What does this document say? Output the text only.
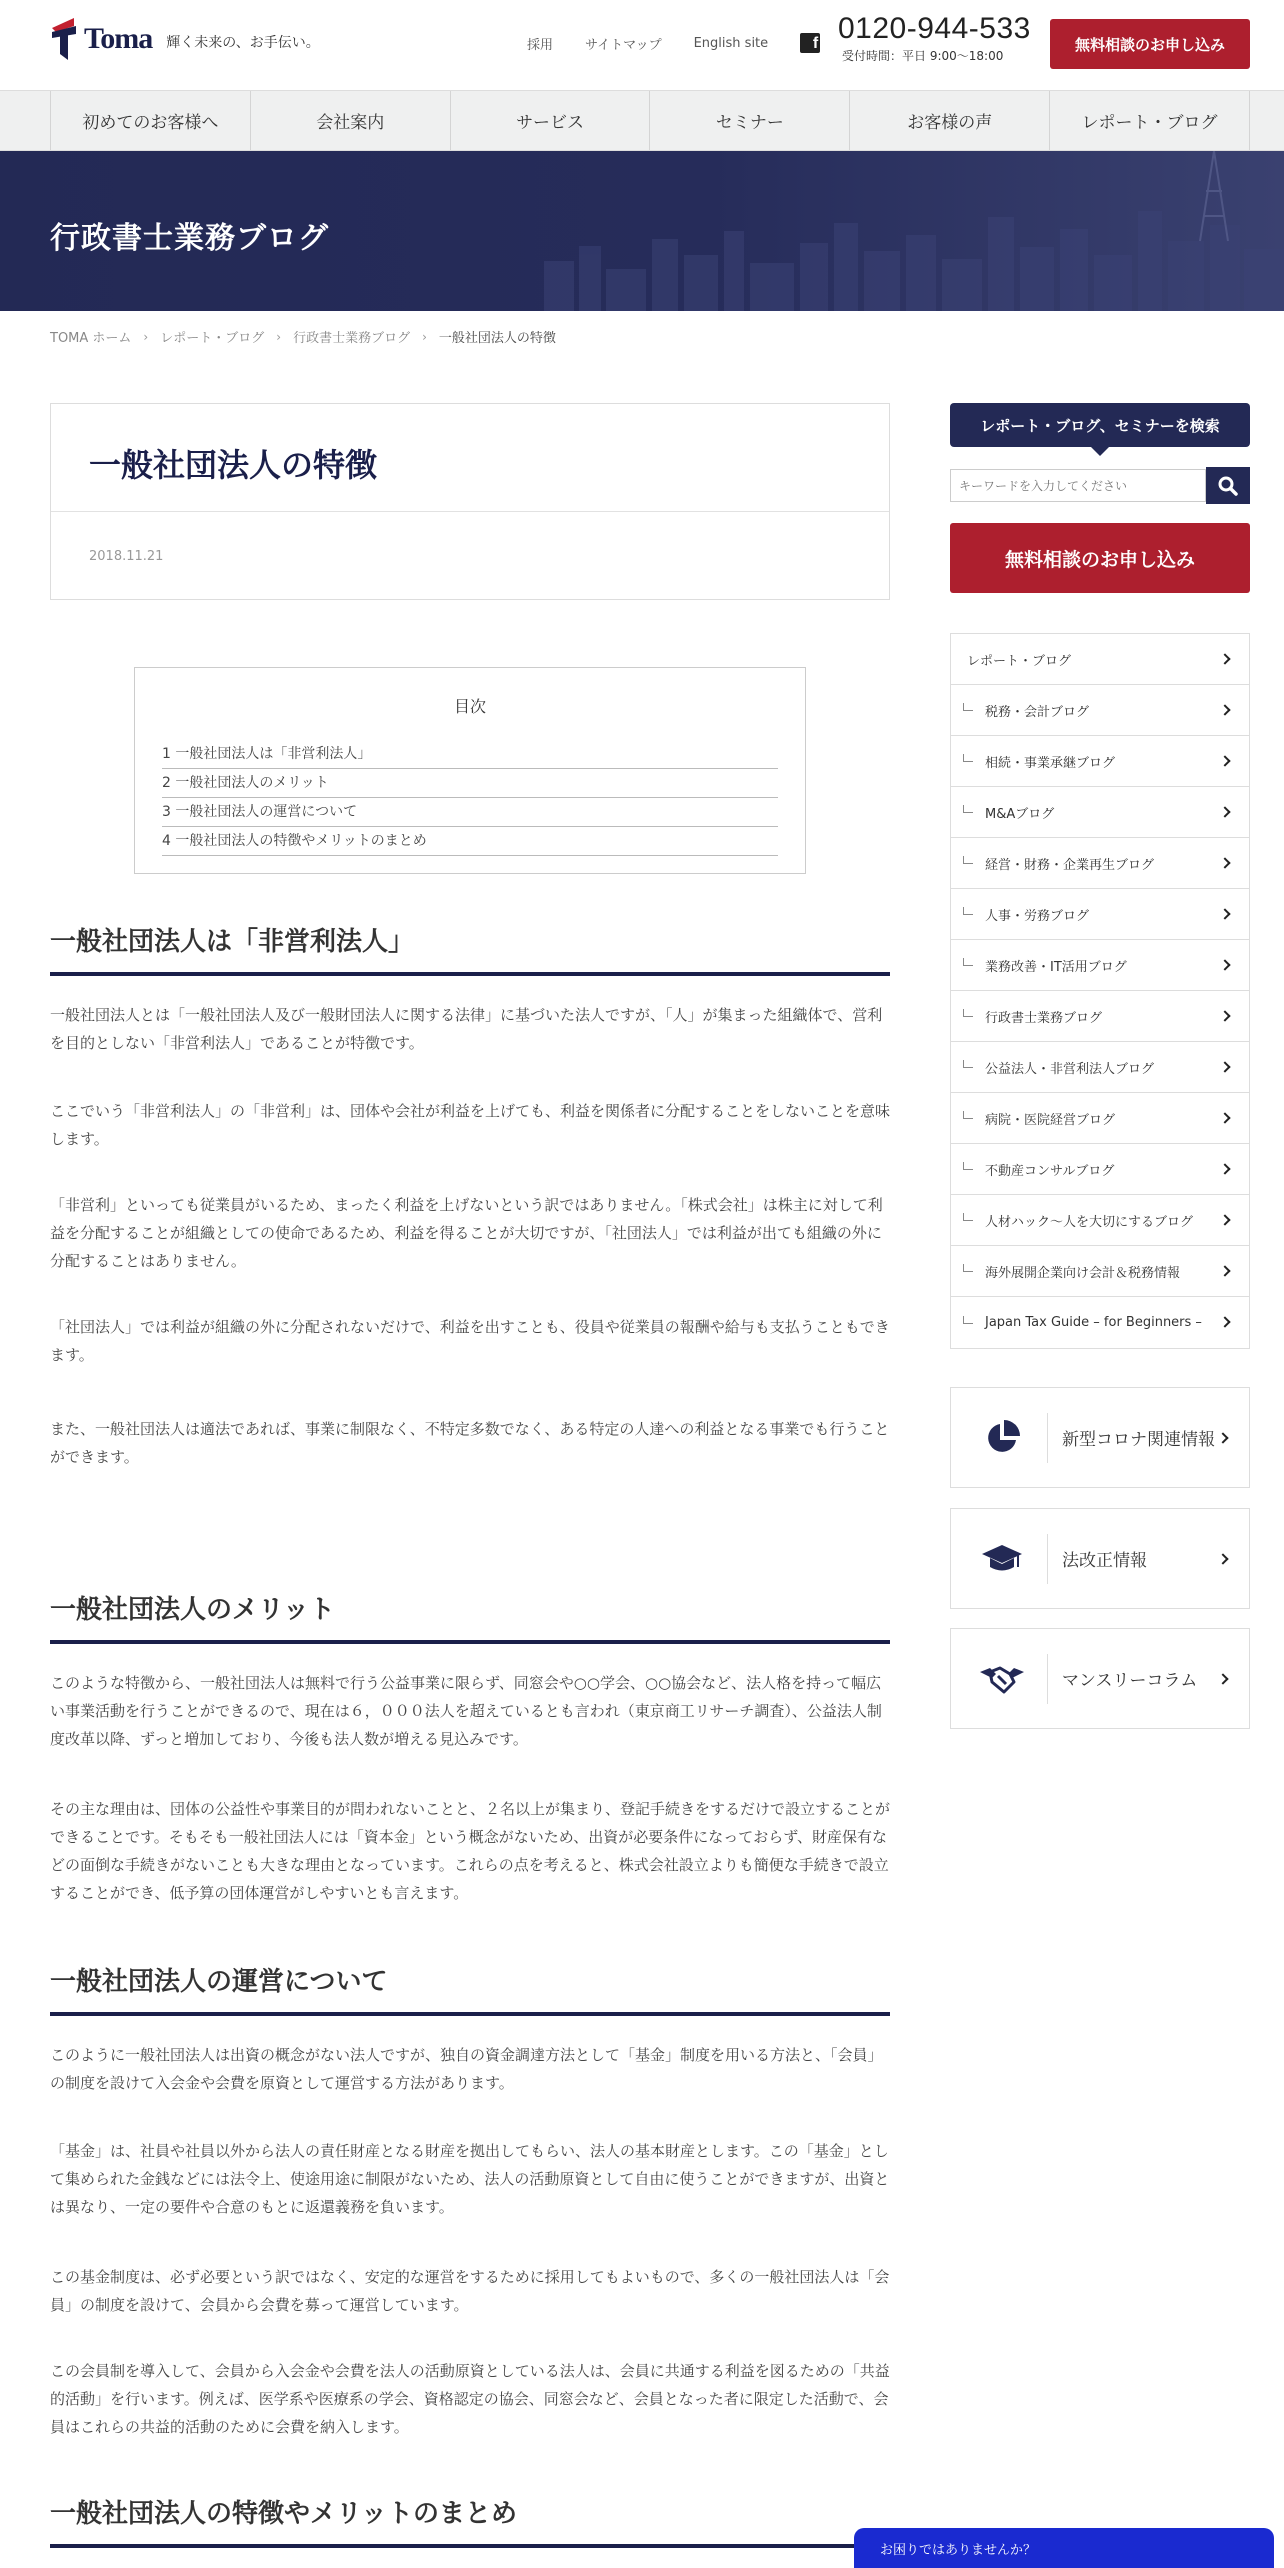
Toma 輝く未来の、お手伝い。	採用 サイトマップ English site	f 0120-944-533
受付時間：平日 9:00〜18:00
無料相談のお申し込み
初めてのお客様へ	会社案内	サービス	セミナー	お客様の声	レポート・ブログ
行政書士業務ブログ
TOMA ホーム › レポート・ブログ › 行政書士業務ブログ › 一般社団法人の特徴
一般社団法人の特徴
2018.11.21
目次
1 一般社団法人は「非営利法人」
2 一般社団法人のメリット
3 一般社団法人の運営について
4 一般社団法人の特徴やメリットのまとめ
一般社団法人は「非営利法人」

一般社団法人とは「一般社団法人及び一般財団法人に関する法律」に基づいた法人ですが、「人」が集まった組織体で、営利を目的としない「非営利法人」であることが特徴です。

ここでいう「非営利法人」の「非営利」は、団体や会社が利益を上げても、利益を関係者に分配することをしないことを意味します。

「非営利」といっても従業員がいるため、まったく利益を上げないという訳ではありません。「株式会社」は株主に対して利益を分配することが組織としての使命であるため、利益を得ることが大切ですが、「社団法人」では利益が出ても組織の外に分配することはありません。

「社団法人」では利益が組織の外に分配されないだけで、利益を出すことも、役員や従業員の報酬や給与も支払うこともできます。

また、一般社団法人は適法であれば、事業に制限なく、不特定多数でなく、ある特定の人達への利益となる事業でも行うことができます。

一般社団法人のメリット

このような特徴から、一般社団法人は無料で行う公益事業に限らず、同窓会や○○学会、○○協会など、法人格を持って幅広い事業活動を行うことができるので、現在は６，０００法人を超えているとも言われ（東京商工リサーチ調査）、公益法人制度改革以降、ずっと増加しており、今後も法人数が増える見込みです。

その主な理由は、団体の公益性や事業目的が問われないことと、２名以上が集まり、登記手続きをするだけで設立することができることです。そもそも一般社団法人には「資本金」という概念がないため、出資が必要条件になっておらず、財産保有などの面倒な手続きがないことも大きな理由となっています。これらの点を考えると、株式会社設立よりも簡便な手続きで設立することができ、低予算の団体運営がしやすいとも言えます。

一般社団法人の運営について

このように一般社団法人は出資の概念がない法人ですが、独自の資金調達方法として「基金」制度を用いる方法と、「会員」の制度を設けて入会金や会費を原資として運営する方法があります。

「基金」は、社員や社員以外から法人の責任財産となる財産を拠出してもらい、法人の基本財産とします。この「基金」として集められた金銭などには法令上、使途用途に制限がないため、法人の活動原資として自由に使うことができますが、出資とは異なり、一定の要件や合意のもとに返還義務を負います。

この基金制度は、必ず必要という訳ではなく、安定的な運営をするために採用してもよいもので、多くの一般社団法人は「会員」の制度を設けて、会員から会費を募って運営しています。

この会員制を導入して、会員から入会金や会費を法人の活動原資としている法人は、会員に共通する利益を図るための「共益的活動」を行います。例えば、医学系や医療系の学会、資格認定の協会、同窓会など、会員となった者に限定した活動で、会員はこれらの共益的活動のために会費を納入します。

一般社団法人の特徴やメリットのまとめ
レポート・ブログ、セミナーを検索
キーワードを入力してください
無料相談のお申し込み
レポート・ブログ
税務・会計ブログ
相続・事業承継ブログ
M&Aブログ
経営・財務・企業再生ブログ
人事・労務ブログ
業務改善・IT活用ブログ
行政書士業務ブログ
公益法人・非営利法人ブログ
病院・医院経営ブログ
不動産コンサルブログ
人材ハック～人を大切にするブログ
海外展開企業向け会計＆税務情報
Japan Tax Guide – for Beginners –
新型コロナ関連情報
法改正情報
マンスリーコラム
お困りではありませんか？
